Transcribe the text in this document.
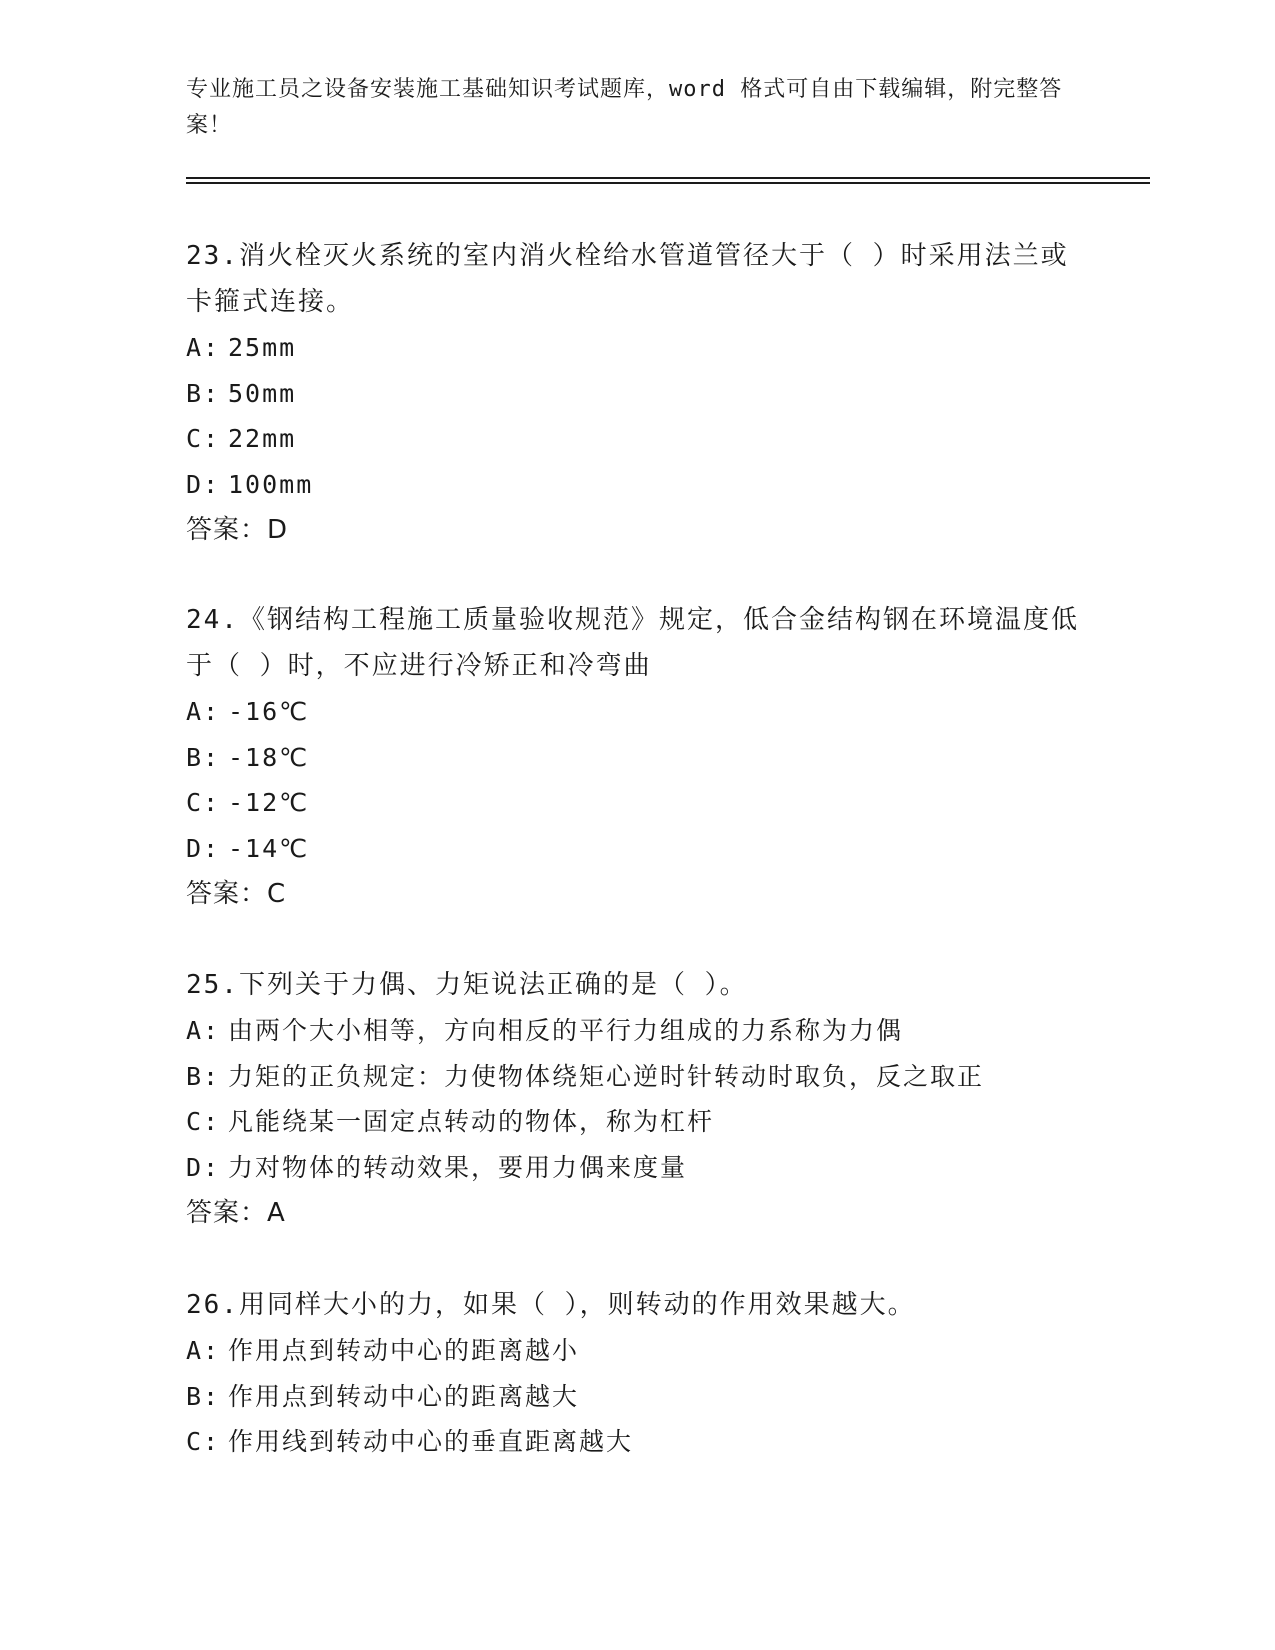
专业施工员之设备安装施工基础知识考试题库，word 格式可自由下载编辑，附完整答案！
23.消火栓灭火系统的室内消火栓给水管道管径大于（ ）时采用法兰或卡箍式连接。
A: 25mm
B: 50mm
C: 22mm
D: 100mm
答案：D
24.《钢结构工程施工质量验收规范》规定，低合金结构钢在环境温度低于（ ）时，不应进行冷矫正和冷弯曲
A: -16℃
B: -18℃
C: -12℃
D: -14℃
答案：C
25.下列关于力偶、力矩说法正确的是（ ）。
A: 由两个大小相等，方向相反的平行力组成的力系称为力偶
B: 力矩的正负规定：力使物体绕矩心逆时针转动时取负，反之取正
C: 凡能绕某一固定点转动的物体，称为杠杆
D: 力对物体的转动效果，要用力偶来度量
答案：A
26.用同样大小的力，如果（ ），则转动的作用效果越大。
A: 作用点到转动中心的距离越小
B: 作用点到转动中心的距离越大
C: 作用线到转动中心的垂直距离越大
